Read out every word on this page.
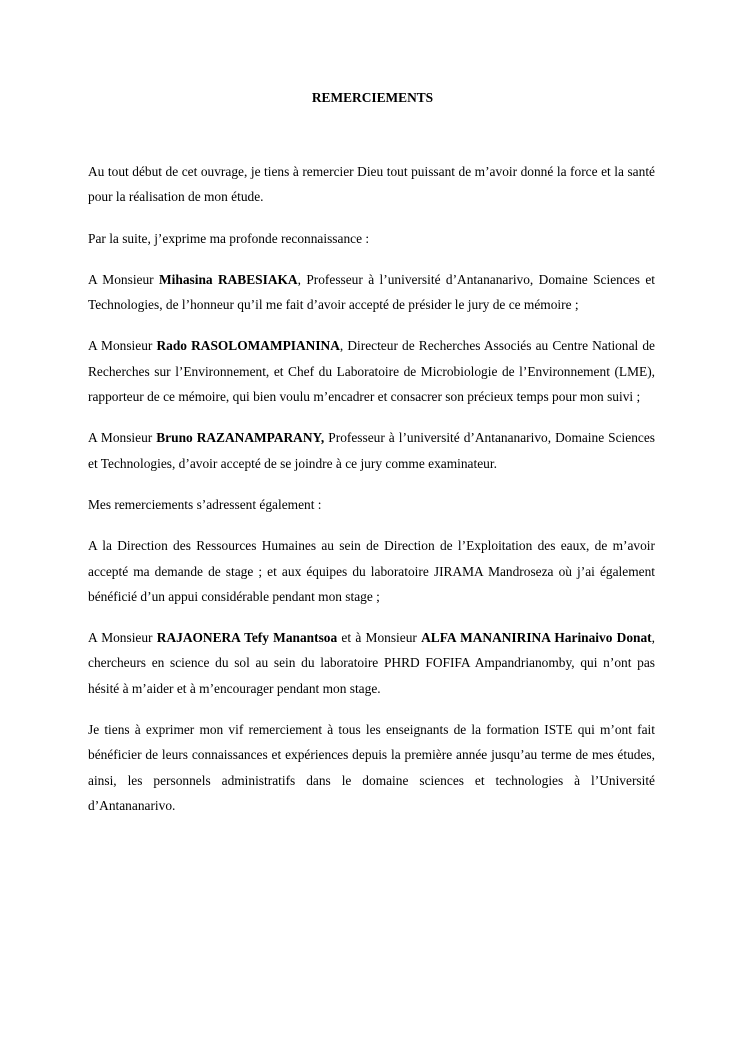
REMERCIEMENTS

Au tout début de cet ouvrage, je tiens à remercier Dieu tout puissant de m’avoir donné la force et la santé pour la réalisation de mon étude.

Par la suite, j’exprime ma profonde reconnaissance :

A Monsieur Mihasina RABESIAKA, Professeur à l’université d’Antananarivo, Domaine Sciences et Technologies, de l’honneur qu’il me fait d’avoir accepté de présider le jury de ce mémoire ;

A Monsieur Rado RASOLOMAMPIANINA, Directeur de Recherches Associés au Centre National de Recherches sur l’Environnement, et Chef du Laboratoire de Microbiologie de l’Environnement (LME), rapporteur de ce mémoire, qui bien voulu m’encadrer et consacrer son précieux temps pour mon suivi ;

A Monsieur Bruno RAZANAMPARANY, Professeur à l’université d’Antananarivo, Domaine Sciences et Technologies, d’avoir accepté de se joindre à ce jury comme examinateur.

Mes remerciements s’adressent également :

A la Direction des Ressources Humaines au sein de Direction de l’Exploitation des eaux, de m’avoir accepté ma demande de stage ; et aux équipes du laboratoire JIRAMA Mandroseza où j’ai également bénéficié d’un appui considérable pendant mon stage ;

A Monsieur RAJAONERA Tefy Manantsoa et à Monsieur ALFA MANANIRINA Harinaivo Donat, chercheurs en science du sol au sein du laboratoire PHRD FOFIFA Ampandrianomby, qui n’ont pas hésité à m’aider et à m’encourager pendant mon stage.

Je tiens à exprimer mon vif remerciement à tous les enseignants de la formation ISTE qui m’ont fait bénéficier de leurs connaissances et expériences depuis la première année jusqu’au terme de mes études, ainsi, les personnels administratifs dans le domaine sciences et technologies à l’Université d’Antananarivo.
